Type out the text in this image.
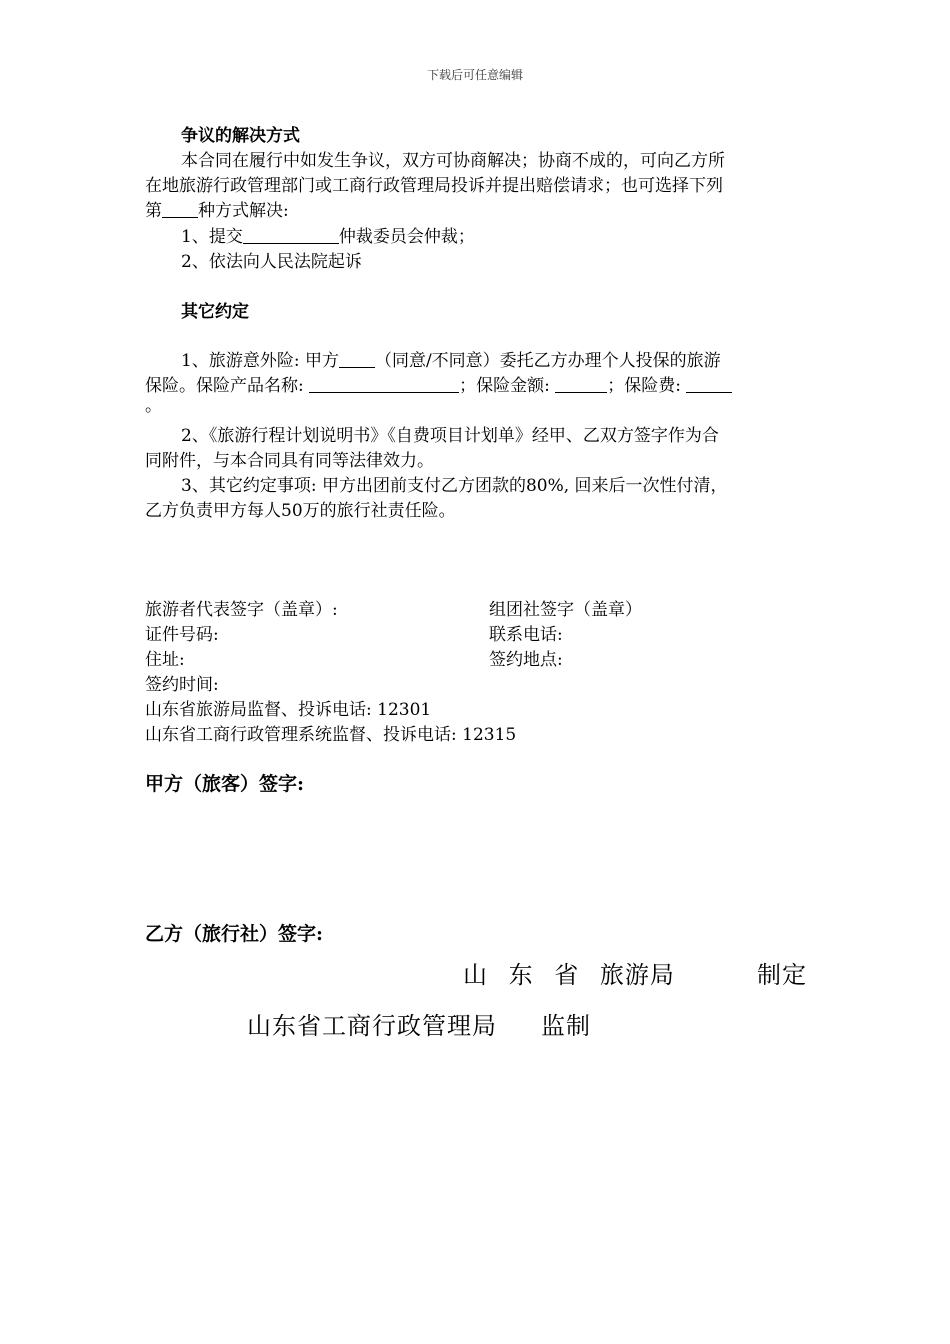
下载后可任意编辑
争议的解决方式
本合同在履行中如发生争议，双方可协商解决；协商不成的，可向乙方所
在地旅游行政管理部门或工商行政管理局投诉并提出赔偿请求；也可选择下列
第 种方式解决:
1、提交	仲裁委员会仲裁；
2、依法向人民法院起诉
其它约定
1、旅游意外险: 甲方 （同意/不同意）委托乙方办理个人投保的旅游
保险。保险产品名称:	；保险金额:	；保险费:
。
2、《旅游行程计划说明书》《自费项目计划单》经甲、乙双方签字作为合
同附件，与本合同具有同等法律效力。
3、其它约定事项: 甲方出团前支付乙方团款的80%, 回来后一次性付清，
乙方负责甲方每人50万的旅行社责任险。
旅游者代表签字（盖章）:	组团社签字（盖章）
证件号码:	联系电话:
住址:	签约地点:
签约时间:
山东省旅游局监督、投诉电话: 12301
山东省工商行政管理系统监督、投诉电话: 12315
甲方（旅客）签字:
乙方（旅行社）签字:
山 东 省 旅游局	制定
山东省工商行政管理局 监制
